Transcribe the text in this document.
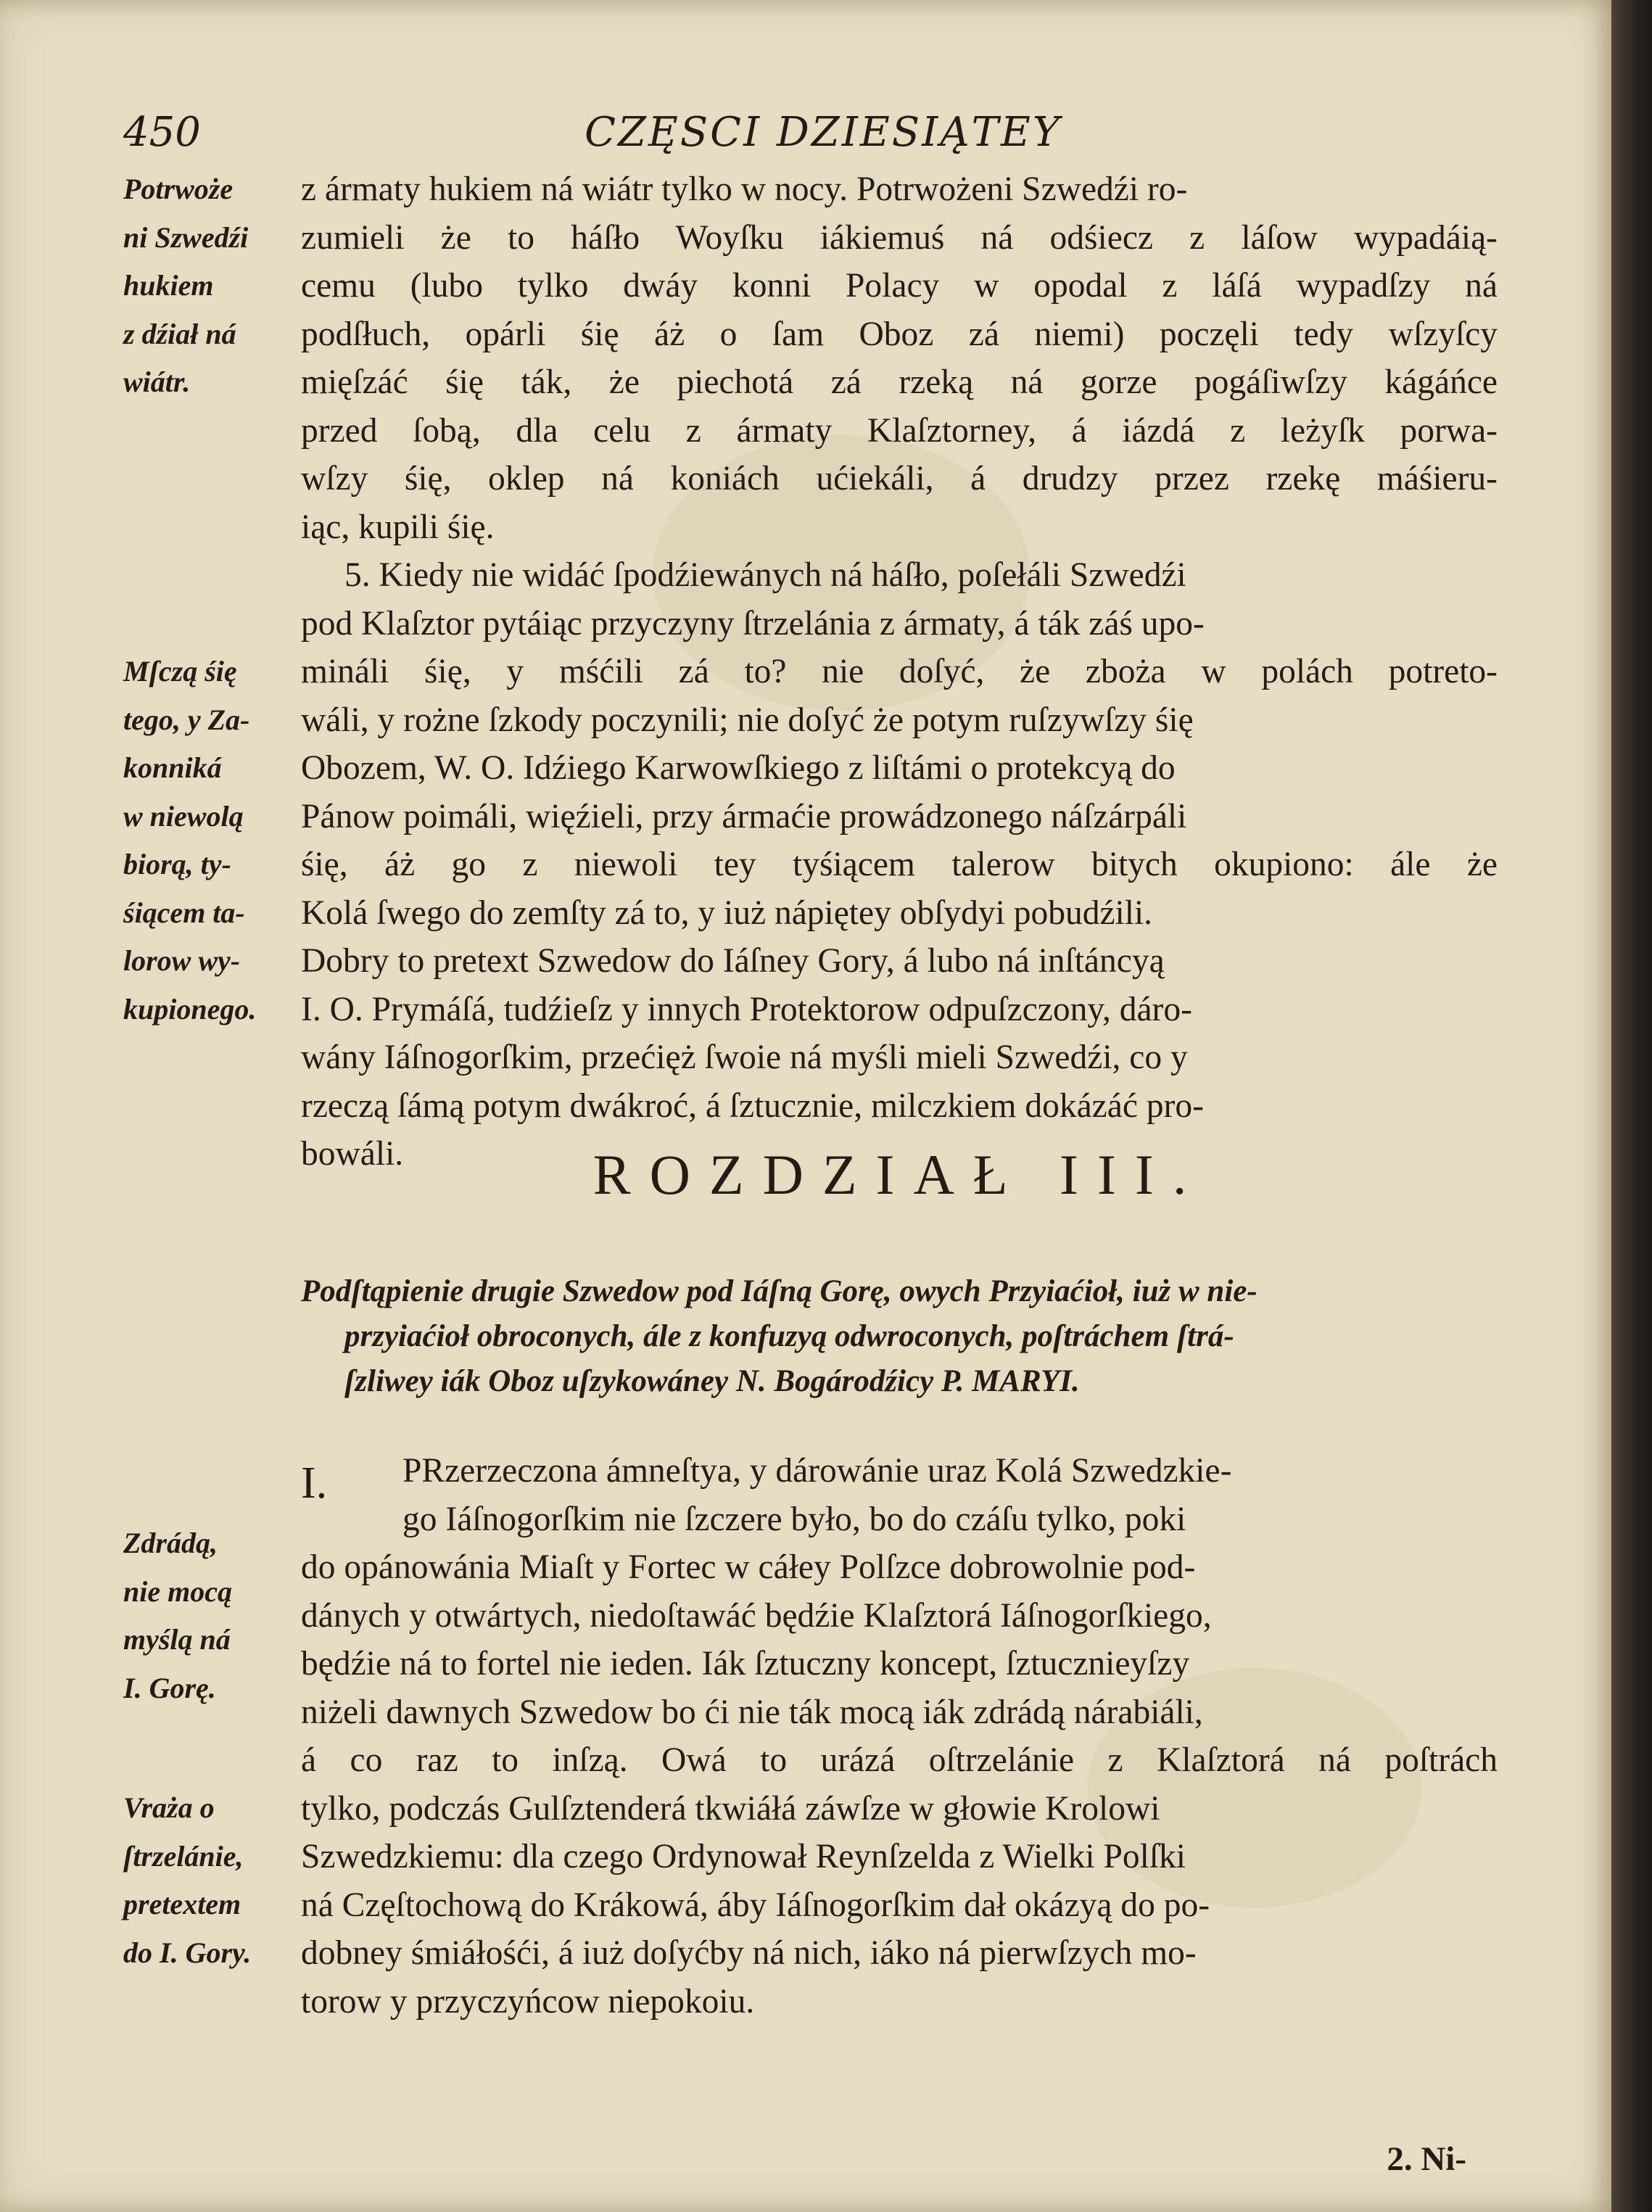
450	CZĘSCI DZIESIĄTEY
z ármaty hukiem ná wiátr tylko w nocy. Potrwożeni Szwedźi ro-
zumieli że to háſło Woyſku iákiemuś ná odśiecz z láſow wypadáią-
cemu (lubo tylko dwáy konni Polacy w opodal z láſá wypadſzy ná
podſłuch, opárli śię áż o ſam Oboz zá niemi) poczęli tedy wſzyſcy
mięſzáć śię ták, że piechotá zá rzeką ná gorze pogáſiwſzy kágáńce
przed ſobą, dla celu z ármaty Klaſztorney, á iázdá z leżyſk porwa-
wſzy śię, oklep ná koniách ućiekáli, á drudzy przez rzekę máśieru-
iąc, kupili śię.
5. Kiedy nie widáć ſpodźiewánych ná háſło, poſełáli Szwedźi
pod Klaſztor pytáiąc przyczyny ſtrzelánia z ármaty, á ták záś upo-
mináli śię, y mśćili zá to? nie doſyć, że zboża w polách potreto-
wáli, y rożne ſzkody poczynili; nie doſyć że potym ruſzywſzy śię
Obozem, W. O. Idźiego Karwowſkiego z liſtámi o protekcyą do
Pánow poimáli, więźieli, przy ármaćie prowádzonego náſzárpáli
śię, áż go z niewoli tey tyśiącem talerow bitych okupiono: ále że
Kolá ſwego do zemſty zá to, y iuż nápiętey obſydyi pobudźili.
Dobry to pretext Szwedow do Iáſney Gory, á lubo ná inſtáncyą
I. O. Prymáſá, tudźieſz y innych Protektorow odpuſzczony, dáro-
wány Iáſnogorſkim, przećięż ſwoie ná myśli mieli Szwedźi, co y
rzeczą ſámą potym dwákroć, á ſztucznie, milczkiem dokázáć pro-
bowáli.
Potrwoże
ni Szwedźi
hukiem
z dźiał ná
wiátr.
Mſczą śię
tego, y Za-
konniká
w niewolą
biorą, ty-
śiącem ta-
lorow wy-
kupionego.
ROZDZIAŁ III.
Podſtąpienie drugie Szwedow pod Iáſną Gorę, owych Przyiaćioł, iuż w nie-
przyiaćioł obroconych, ále z konfuzyą odwroconych, poſtráchem ſtrá-
ſzliwey iák Oboz uſzykowáney N. Bogárodźicy P. MARYI.
I.	PRzerzeczona ámneſtya, y dárowánie uraz Kolá Szwedzkie-
go Iáſnogorſkim nie ſzczere było, bo do czáſu tylko, poki
do opánowánia Miaſt y Fortec w cáłey Polſzce dobrowolnie pod-
dánych y otwártych, niedoſtawáć będźie Klaſztorá Iáſnogorſkiego,
będźie ná to fortel nie ieden. Iák ſztuczny koncept, ſztucznieyſzy
niżeli dawnych Szwedow bo ći nie ták mocą iák zdrádą nárabiáli,
á co raz to inſzą. Owá to urázá oſtrzelánie z Klaſztorá ná poſtrách
tylko, podczás Gulſztenderá tkwiáłá záwſze w głowie Krolowi
Szwedzkiemu: dla czego Ordynował Reynſzelda z Wielki Polſki
ná Częſtochową do Krákowá, áby Iáſnogorſkim dał okázyą do po-
dobney śmiáłośći, á iuż doſyćby ná nich, iáko ná pierwſzych mo-
torow y przyczyńcow niepokoiu.
Zdrádą,
nie mocą
myślą ná
I. Gorę.
Vraża o
ſtrzelánie,
pretextem
do I. Gory.
2. Ni-
